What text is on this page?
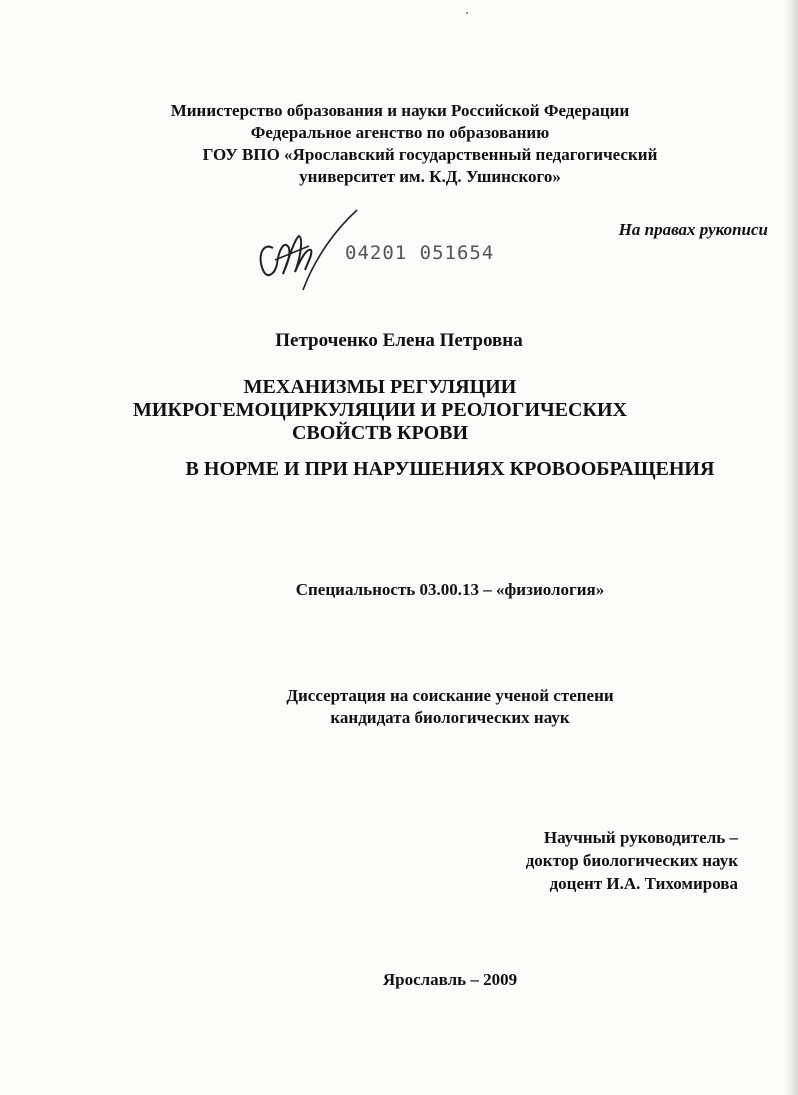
Министерство образования и науки Российской Федерации
Федеральное агенство по образованию
ГОУ ВПО «Ярославский государственный педагогический
университет им. К.Д. Ушинского»
На правах рукописи
04201 051654
Петроченко Елена Петровна
МЕХАНИЗМЫ РЕГУЛЯЦИИ
МИКРОГЕМОЦИРКУЛЯЦИИ И РЕОЛОГИЧЕСКИХ
СВОЙСТВ КРОВИ
В НОРМЕ И ПРИ НАРУШЕНИЯХ КРОВООБРАЩЕНИЯ
Специальность 03.00.13 – «физиология»
Диссертация на соискание ученой степени
кандидата биологических наук
Научный руководитель –
доктор биологических наук
доцент И.А. Тихомирова
Ярославль – 2009
